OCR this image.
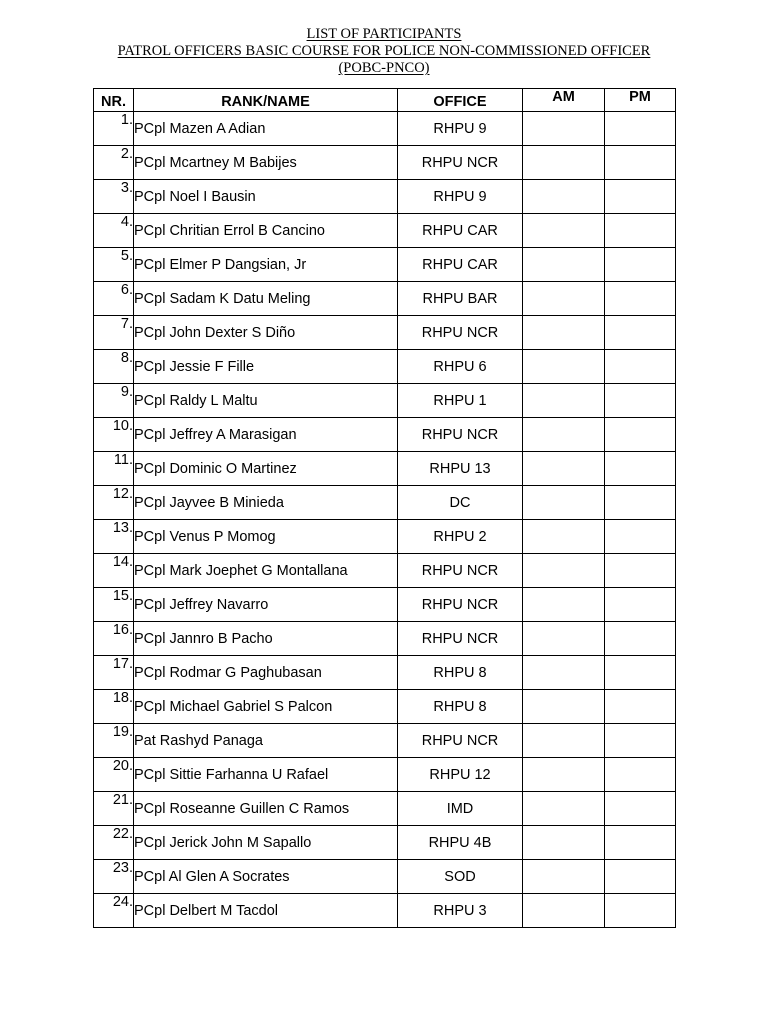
LIST OF PARTICIPANTS
PATROL OFFICERS BASIC COURSE FOR POLICE NON-COMMISSIONED OFFICER
(POBC-PNCO)
NR.	RANK/NAME	OFFICE	AM	PM
1.	PCpl Mazen A Adian	RHPU 9		
2.	PCpl Mcartney M Babijes	RHPU NCR		
3.	PCpl Noel I Bausin	RHPU 9		
4.	PCpl Chritian Errol B Cancino	RHPU CAR		
5.	PCpl Elmer P Dangsian, Jr	RHPU CAR		
6.	PCpl Sadam K Datu Meling	RHPU BAR		
7.	PCpl John Dexter S Diño	RHPU NCR		
8.	PCpl Jessie F Fille	RHPU 6		
9.	PCpl Raldy L Maltu	RHPU 1		
10.	PCpl Jeffrey A Marasigan	RHPU NCR		
11.	PCpl Dominic O Martinez	RHPU 13		
12.	PCpl Jayvee B Minieda	DC		
13.	PCpl Venus P Momog	RHPU 2		
14.	PCpl Mark Joephet G Montallana	RHPU NCR		
15.	PCpl Jeffrey Navarro	RHPU NCR		
16.	PCpl Jannro B Pacho	RHPU NCR		
17.	PCpl Rodmar G Paghubasan	RHPU 8		
18.	PCpl Michael Gabriel S Palcon	RHPU 8		
19.	Pat Rashyd Panaga	RHPU NCR		
20.	PCpl Sittie Farhanna U Rafael	RHPU 12		
21.	PCpl Roseanne Guillen C Ramos	IMD		
22.	PCpl Jerick John M Sapallo	RHPU 4B		
23.	PCpl Al Glen A Socrates	SOD		
24.	PCpl Delbert M Tacdol	RHPU 3		
